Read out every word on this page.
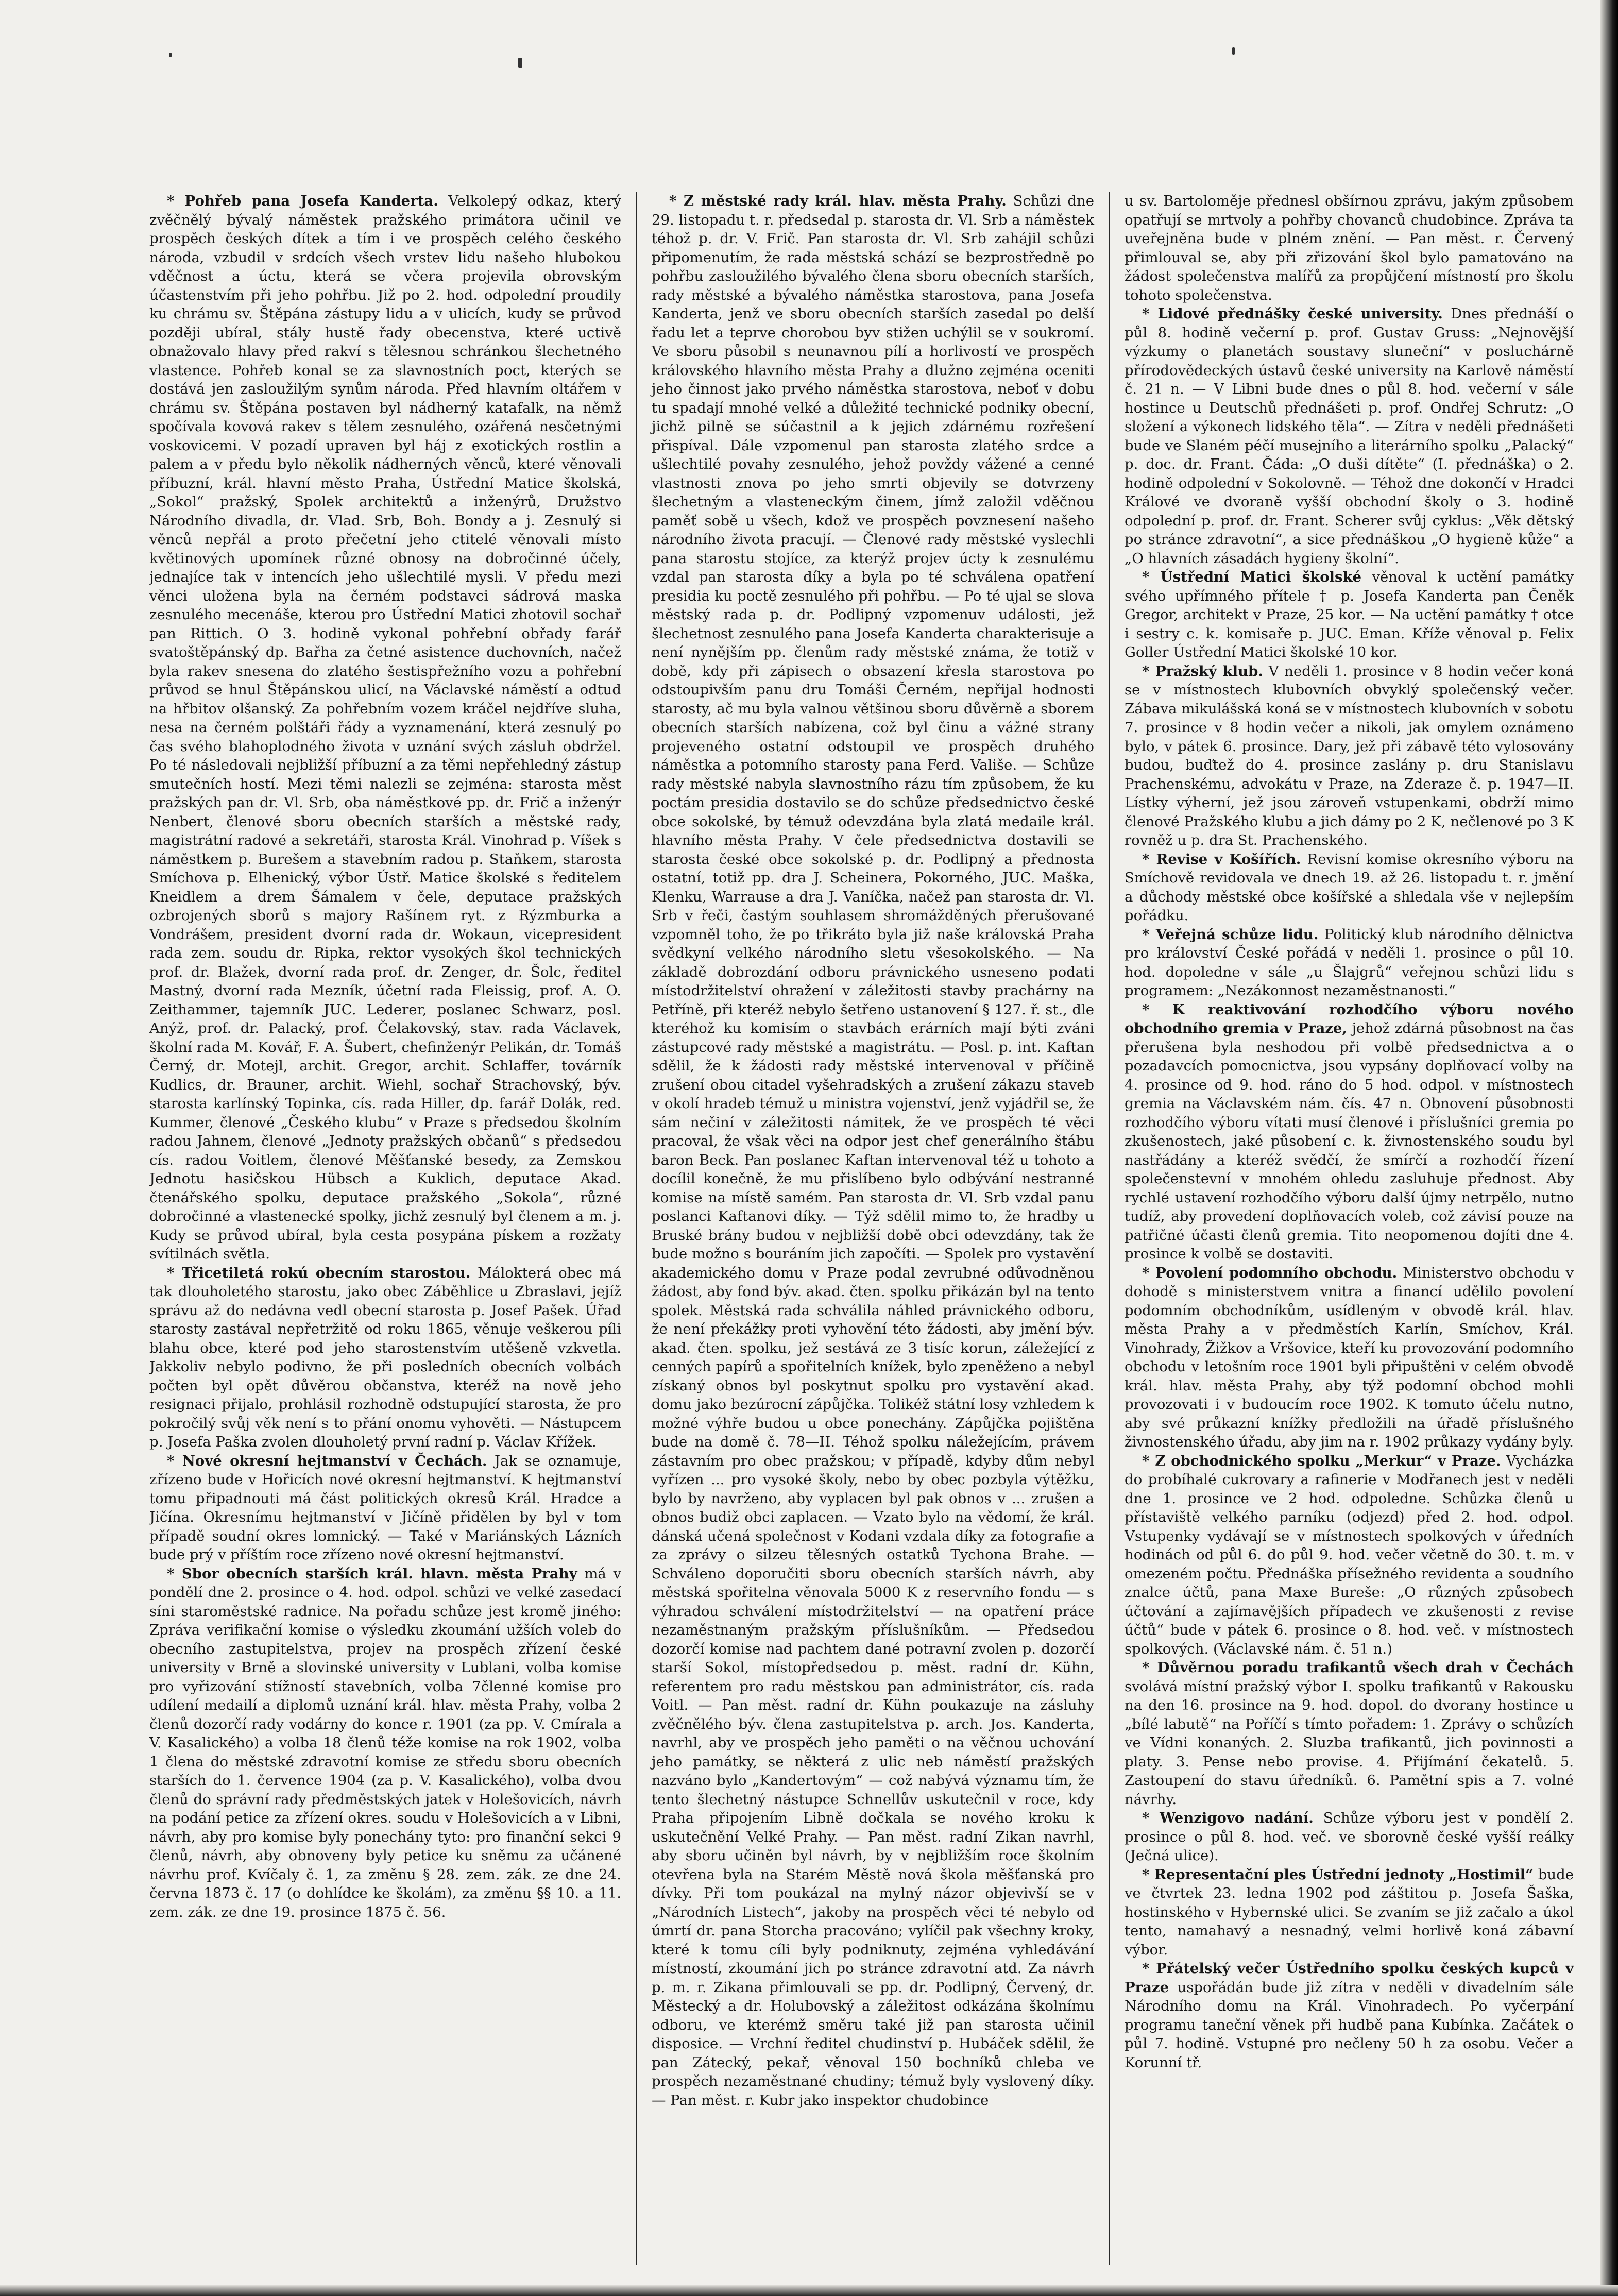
* Pohřeb pana Josefa Kanderta. Velkolepý odkaz, který zvěčnělý bývalý náměstek pražského primátora učinil ve prospěch českých dítek a tím i ve prospěch celého českého národa, vzbudil v srdcích všech vrstev lidu našeho hlubokou vděčnost a úctu, která se včera projevila obrovským účastenstvím při jeho pohřbu. Již po 2. hod. odpolední proudily ku chrámu sv. Štěpána zástupy lidu a v ulicích, kudy se průvod později ubíral, stály hustě řady obecenstva, které uctivě obnažovalo hlavy před rakví s tělesnou schránkou šlechetného vlastence. Pohřeb konal se za slavnostních poct, kterých se dostává jen zasloužilým synům národa. Před hlavním oltářem v chrámu sv. Štěpána postaven byl nádherný katafalk, na němž spočívala kovová rakev s tělem zesnulého, ozářená nesčetnými voskovicemi. V pozadí upraven byl háj z exotických rostlin a palem a v předu bylo několik nádherných věnců, které věnovali příbuzní, král. hlavní město Praha, Ústřední Matice školská, „Sokol“ pražský, Spolek architektů a inženýrů, Družstvo Národního divadla, dr. Vlad. Srb, Boh. Bondy a j. Zesnulý si věnců nepřál a proto přečetní jeho ctitelé věnovali místo květinových upomínek různé obnosy na dobročinné účely, jednajíce tak v intencích jeho ušlechtilé mysli. V předu mezi věnci uložena byla na černém podstavci sádrová maska zesnulého mecenáše, kterou pro Ústřední Matici zhotovil sochař pan Rittich. O 3. hodině vykonal pohřební obřady farář svatoštěpánský dp. Bařha za četné asistence duchovních, načež byla rakev snesena do zlatého šestispřežního vozu a pohřební průvod se hnul Štěpánskou ulicí, na Václavské náměstí a odtud na hřbitov olšanský. Za pohřebním vozem kráčel nejdříve sluha, nesa na černém polštáři řády a vyznamenání, která zesnulý po čas svého blahoplodného života v uznání svých zásluh obdržel. Po té následovali nejbližší příbuzní a za těmi nepřehledný zástup smutečních hostí. Mezi těmi nalezli se zejména: starosta měst pražských pan dr. Vl. Srb, oba náměstkové pp. dr. Frič a inženýr Nenbert, členové sboru obecních starších a městské rady, magistrátní radové a sekretáři, starosta Král. Vinohrad p. Víšek s náměstkem p. Burešem a stavebním radou p. Staňkem, starosta Smíchova p. Elhenický, výbor Ústř. Matice školské s ředitelem Kneidlem a drem Šámalem v čele, deputace pražských ozbrojených sborů s majory Rašínem ryt. z Rýzmburka a Vondrášem, president dvorní rada dr. Wokaun, vicepresident rada zem. soudu dr. Ripka, rektor vysokých škol technických prof. dr. Blažek, dvorní rada prof. dr. Zenger, dr. Šolc, ředitel Mastný, dvorní rada Mezník, účetní rada Fleissig, prof. A. O. Zeithammer, tajemník JUC. Lederer, poslanec Schwarz, posl. Anýž, prof. dr. Palacký, prof. Čelakovský, stav. rada Václavek, školní rada M. Kovář, F. A. Šubert, chefinženýr Pelikán, dr. Tomáš Černý, dr. Motejl, archit. Gregor, archit. Schlaffer, továrník Kudlics, dr. Brauner, archit. Wiehl, sochař Strachovský, býv. starosta karlínský Topinka, cís. rada Hiller, dp. farář Dolák, red. Kummer, členové „Českého klubu“ v Praze s předsedou školním radou Jahnem, členové „Jednoty pražských občanů“ s předsedou cís. radou Voitlem, členové Měšťanské besedy, za Zemskou Jednotu hasičskou Hübsch a Kuklich, deputace Akad. čtenářského spolku, deputace pražského „Sokola“, různé dobročinné a vlastenecké spolky, jichž zesnulý byl členem a m. j. Kudy se průvod ubíral, byla cesta posypána pískem a rozžaty svítilnách světla.

* Třicetiletá rokú obecním starostou. Málokterá obec má tak dlouholetého starostu, jako obec Záběhlice u Zbraslavi, jejíž správu až do nedávna vedl obecní starosta p. Josef Pašek. Úřad starosty zastával nepřetržitě od roku 1865, věnuje veškerou píli blahu obce, které pod jeho starostenstvím utěšeně vzkvetla. Jakkoliv nebylo podivno, že při posledních obecních volbách počten byl opět důvěrou občanstva, kteréž na nově jeho resignaci přijalo, prohlásil rozhodně odstupující starosta, že pro pokročilý svůj věk není s to přání onomu vyhověti. — Nástupcem p. Josefa Paška zvolen dlouholetý první radní p. Václav Křížek.

* Nové okresní hejtmanství v Čechách. Jak se oznamuje, zřízeno bude v Hořicích nové okresní hejtmanství. K hejtmanství tomu připadnouti má část politických okresů Král. Hradce a Jičína. Okresnímu hejtmanství v Jičíně přidělen by byl v tom případě soudní okres lomnický. — Také v Mariánských Lázních bude prý v příštím roce zřízeno nové okresní hejtmanství.

* Sbor obecních starších král. hlavn. města Prahy má v pondělí dne 2. prosince o 4. hod. odpol. schůzi ve velké zasedací síni staroměstské radnice. Na pořadu schůze jest kromě jiného: Zpráva verifikační komise o výsledku zkoumání užších voleb do obecního zastupitelstva, projev na prospěch zřízení české university v Brně a slovinské university v Lublani, volba komise pro vyřizování stížností stavebních, volba 7členné komise pro udílení medailí a diplomů uznání král. hlav. města Prahy, volba 2 členů dozorčí rady vodárny do konce r. 1901 (za pp. V. Cmírala a V. Kasalického) a volba 18 členů téže komise na rok 1902, volba 1 člena do městské zdravotní komise ze středu sboru obecních starších do 1. července 1904 (za p. V. Kasalického), volba dvou členů do správní rady předměstských jatek v Holešovicích, návrh na podání petice za zřízení okres. soudu v Holešovicích a v Libni, návrh, aby pro komise byly ponechány tyto: pro finanční sekci 9 členů, návrh, aby obnoveny byly petice ku sněmu za učánené návrhu prof. Kvíčaly č. 1, za změnu § 28. zem. zák. ze dne 24. června 1873 č. 17 (o dohlídce ke školám), za změnu §§ 10. a 11. zem. zák. ze dne 19. prosince 1875 č. 56.

* Z městské rady král. hlav. města Prahy. Schůzi dne 29. listopadu t. r. předsedal p. starosta dr. Vl. Srb a náměstek téhož p. dr. V. Frič. Pan starosta dr. Vl. Srb zahájil schůzi připomenutím, že rada městská schází se bezprostředně po pohřbu zasloužilého bývalého člena sboru obecních starších, rady městské a bývalého náměstka starostova, pana Josefa Kanderta, jenž ve sboru obecních starších zasedal po delší řadu let a teprve chorobou byv stižen uchýlil se v soukromí. Ve sboru působil s neunavnou pílí a horlivostí ve prospěch královského hlavního města Prahy a dlužno zejména oceniti jeho činnost jako prvého náměstka starostova, neboť v dobu tu spadají mnohé velké a důležité technické podniky obecní, jichž pilně se súčastnil a k jejich zdárnému rozřešení přispíval. Dále vzpomenul pan starosta zlatého srdce a ušlechtilé povahy zesnulého, jehož povždy vážené a cenné vlastnosti znova po jeho smrti objevily se dotvrzeny šlechetným a vlasteneckým činem, jímž založil vděčnou paměť sobě u všech, kdož ve prospěch povznesení našeho národního života pracují. — Členové rady městské vyslechli pana starostu stojíce, za kterýž projev úcty k zesnulému vzdal pan starosta díky a byla po té schválena opatření presidia ku poctě zesnulého při pohřbu. — Po té ujal se slova městský rada p. dr. Podlipný vzpomenuv události, jež šlechetnost zesnulého pana Josefa Kanderta charakterisuje a není nynějším pp. členům rady městské známa, že totiž v době, kdy při zápisech o obsazení křesla starostova po odstoupivším panu dru Tomáši Černém, nepřijal hodnosti starosty, ač mu byla valnou většinou sboru důvěrně a sborem obecních starších nabízena, což byl činu a vážné strany projeveného ostatní odstoupil ve prospěch druhého náměstka a potomního starosty pana Ferd. Vališe. — Schůze rady městské nabyla slavnostního rázu tím způsobem, že ku poctám presidia dostavilo se do schůze předsednictvo české obce sokolské, by témuž odevzdána byla zlatá medaile král. hlavního města Prahy. V čele předsednictva dostavili se starosta české obce sokolské p. dr. Podlipný a přednosta ostatní, totiž pp. dra J. Scheinera, Pokorného, JUC. Maška, Klenku, Warrause a dra J. Vaníčka, načež pan starosta dr. Vl. Srb v řeči, častým souhlasem shromážděných přerušované vzpomněl toho, že po třikráto byla již naše královská Praha svědkyní velkého národního sletu všesokolského. — Na základě dobrozdání odboru právnického usneseno podati místodržitelství ohražení v záležitosti stavby prachárny na Petříně, při kteréž nebylo šetřeno ustanovení § 127. ř. st., dle kteréhož ku komisím o stavbách erárních mají býti zváni zástupcové rady městské a magistrátu. — Posl. p. int. Kaftan sdělil, že k žádosti rady městské intervenoval v příčině zrušení obou citadel vyšehradských a zrušení zákazu staveb v okolí hradeb témuž u ministra vojenství, jenž vyjádřil se, že sám nečiní v záležitosti námitek, že ve prospěch té věci pracoval, že však věci na odpor jest chef generálního štábu baron Beck. Pan poslanec Kaftan intervenoval též u tohoto a docílil konečně, že mu přislíbeno bylo odbývání nestranné komise na místě samém. Pan starosta dr. Vl. Srb vzdal panu poslanci Kaftanovi díky. — Týž sdělil mimo to, že hradby u Bruské brány budou v nejbližší době obci odevzdány, tak že bude možno s bouráním jich započíti. — Spolek pro vystavění akademického domu v Praze podal zevrubné odůvodněnou žádost, aby fond býv. akad. čten. spolku přikázán byl na tento spolek. Městská rada schválila náhled právnického odboru, že není překážky proti vyhovění této žádosti, aby jmění býv. akad. čten. spolku, jež sestává ze 3 tisíc korun, záležející z cenných papírů a spořitelních knížek, bylo zpeněženo a nebyl získaný obnos byl poskytnut spolku pro vystavění akad. domu jako bezúrocní zápůjčka. Tolikéž státní losy vzhledem k možné výhře budou u obce ponechány. Zápůjčka pojištěna bude na domě č. 78—II. Téhož spolku náležejícím, právem zástavním pro obec pražskou; v případě, kdyby dům nebyl vyřízen ... pro vysoké školy, nebo by obec pozbyla výtěžku, bylo by navrženo, aby vyplacen byl pak obnos v ... zrušen a obnos budiž obci zaplacen. — Vzato bylo na vědomí, že král. dánská učená společnost v Kodani vzdala díky za fotografie a za zprávy o silzeu tělesných ostatků Tychona Brahe. — Schváleno doporučiti sboru obecních starších návrh, aby městská spořitelna věnovala 5000 K z reservního fondu — s výhradou schválení místodržitelství — na opatření práce nezaměstnaným pražským příslušníkům. — Předsedou dozorčí komise nad pachtem dané potravní zvolen p. dozorčí starší Sokol, místopředsedou p. měst. radní dr. Kühn, referentem pro radu městskou pan administrátor, cís. rada Voitl. — Pan měst. radní dr. Kühn poukazuje na zásluhy zvěčnělého býv. člena zastupitelstva p. arch. Jos. Kanderta, navrhl, aby ve prospěch jeho paměti o na věčnou uchování jeho památky, se některá z ulic neb náměstí pražských nazváno bylo „Kandertovým“ — což nabývá významu tím, že tento šlechetný nástupce Schnellův uskutečnil v roce, kdy Praha připojením Libně dočkala se nového kroku k uskutečnění Velké Prahy. — Pan měst. radní Zikan navrhl, aby sboru učiněn byl návrh, by v nejbližším roce školním otevřena byla na Starém Městě nová škola měšťanská pro dívky. Při tom poukázal na mylný názor objevivší se v „Národních Listech“, jakoby na prospěch věci té nebylo od úmrtí dr. pana Storcha pracováno; vylíčil pak všechny kroky, které k tomu cíli byly podniknuty, zejména vyhledávání místností, zkoumání jich po stránce zdravotní atd. Za návrh p. m. r. Zikana přimlouvali se pp. dr. Podlipný, Červený, dr. Městecký a dr. Holubovský a záležitost odkázána školnímu odboru, ve kterémž směru také již pan starosta učinil disposice. — Vrchní ředitel chudinství p. Hubáček sdělil, že pan Zátecký, pekař, věnoval 150 bochníků chleba ve prospěch nezaměstnané chudiny; témuž byly vyslovený díky. — Pan měst. r. Kubr jako inspektor chudobince

u sv. Bartoloměje přednesl obšírnou zprávu, jakým způsobem opatřují se mrtvoly a pohřby chovanců chudobince. Zpráva ta uveřejněna bude v plném znění. — Pan měst. r. Červený přimlouval se, aby při zřizování škol bylo pamatováno na žádost společenstva malířů za propůjčení místností pro školu tohoto společenstva.

* Lidové přednášky české university. Dnes přednáší o půl 8. hodině večerní p. prof. Gustav Gruss: „Nejnovější výzkumy o planetách soustavy sluneční“ v posluchárně přírodovědeckých ústavů české university na Karlově náměstí č. 21 n. — V Libni bude dnes o půl 8. hod. večerní v sále hostince u Deutschů přednášeti p. prof. Ondřej Schrutz: „O složení a výkonech lidského těla“. — Zítra v neděli přednášeti bude ve Slaném péčí musejního a literárního spolku „Palacký“ p. doc. dr. Frant. Čáda: „O duši dítěte“ (I. přednáška) o 2. hodině odpolední v Sokolovně. — Téhož dne dokončí v Hradci Králové ve dvoraně vyšší obchodní školy o 3. hodině odpolední p. prof. dr. Frant. Scherer svůj cyklus: „Věk dětský po stránce zdravotní“, a sice přednáškou „O hygieně kůže“ a „O hlavních zásadách hygieny školní“.

* Ústřední Matici školské věnoval k uctění památky svého upřímného přítele † p. Josefa Kanderta pan Čeněk Gregor, architekt v Praze, 25 kor. — Na uctění památky † otce i sestry c. k. komisaře p. JUC. Eman. Kříže věnoval p. Felix Goller Ústřední Matici školské 10 kor.

* Pražský klub. V neděli 1. prosince v 8 hodin večer koná se v místnostech klubovních obvyklý společenský večer. Zábava mikulášská koná se v místnostech klubovních v sobotu 7. prosince v 8 hodin večer a nikoli, jak omylem oznámeno bylo, v pátek 6. prosince. Dary, jež při zábavě této vylosovány budou, buďtež do 4. prosince zaslány p. dru Stanislavu Prachenskému, advokátu v Praze, na Zderaze č. p. 1947—II. Lístky výherní, jež jsou zároveň vstupenkami, obdrží mimo členové Pražského klubu a jich dámy po 2 K, nečlenové po 3 K rovněž u p. dra St. Prachenského.

* Revise v Košířích. Revisní komise okresního výboru na Smíchově revidovala ve dnech 19. až 26. listopadu t. r. jmění a důchody městské obce košířské a shledala vše v nejlepším pořádku.

* Veřejná schůze lidu. Politický klub národního dělnictva pro království České pořádá v neděli 1. prosince o půl 10. hod. dopoledne v sále „u Šlajgrů“ veřejnou schůzi lidu s programem: „Nezákonnost nezaměstnanosti.“

* K reaktivování rozhodčího výboru nového obchodního gremia v Praze, jehož zdárná působnost na čas přerušena byla neshodou při volbě předsednictva a o pozadavcích pomocnictva, jsou vypsány doplňovací volby na 4. prosince od 9. hod. ráno do 5 hod. odpol. v místnostech gremia na Václavském nám. čís. 47 n. Obnovení působnosti rozhodčího výboru vítati musí členové i příslušníci gremia po zkušenostech, jaké působení c. k. živnostenského soudu byl nastřádány a kteréž svědčí, že smírčí a rozhodčí řízení společenstevní v mnohém ohledu zasluhuje přednost. Aby rychlé ustavení rozhodčího výboru další újmy netrpělo, nutno tudíž, aby provedení doplňovacích voleb, což závisí pouze na patřičné účasti členů gremia. Tito neopomenou dojíti dne 4. prosince k volbě se dostaviti.

* Povolení podomního obchodu. Ministerstvo obchodu v dohodě s ministerstvem vnitra a financí udělilo povolení podomním obchodníkům, usídleným v obvodě král. hlav. města Prahy a v předměstích Karlín, Smíchov, Král. Vinohrady, Žižkov a Vršovice, kteří ku provozování podomního obchodu v letošním roce 1901 byli připuštěni v celém obvodě král. hlav. města Prahy, aby týž podomní obchod mohli provozovati i v budoucím roce 1902. K tomuto účelu nutno, aby své průkazní knížky předložili na úřadě příslušného živnostenského úřadu, aby jim na r. 1902 průkazy vydány byly.

* Z obchodnického spolku „Merkur“ v Praze. Vycházka do probíhalé cukrovary a rafinerie v Modřanech jest v neděli dne 1. prosince ve 2 hod. odpoledne. Schůzka členů u přístaviště velkého parníku (odjezd) před 2. hod. odpol. Vstupenky vydávají se v místnostech spolkových v úředních hodinách od půl 6. do půl 9. hod. večer včetně do 30. t. m. v omezeném počtu. Přednáška přísežného revidenta a soudního znalce účtů, pana Maxe Bureše: „O různých způsobech účtování a zajímavějších případech ve zkušenosti z revise účtů“ bude v pátek 6. prosince o 8. hod. več. v místnostech spolkových. (Václavské nám. č. 51 n.)

* Důvěrnou poradu trafikantů všech drah v Čechách svolává místní pražský výbor I. spolku trafikantů v Rakousku na den 16. prosince na 9. hod. dopol. do dvorany hostince u „bílé labutě“ na Poříčí s tímto pořadem: 1. Zprávy o schůzích ve Vídni konaných. 2. Sluzba trafikantů, jich povinnosti a platy. 3. Pense nebo provise. 4. Přijímání čekatelů. 5. Zastoupení do stavu úředníků. 6. Pamětní spis a 7. volné návrhy.

* Wenzigovo nadání. Schůze výboru jest v pondělí 2. prosince o půl 8. hod. več. ve sborovně české vyšší reálky (Ječná ulice).

* Representační ples Ústřední jednoty „Hostimil“ bude ve čtvrtek 23. ledna 1902 pod záštitou p. Josefa Šaška, hostinského v Hybernské ulici. Se zvaním se již začalo a úkol tento, namahavý a nesnadný, velmi horlivě koná zábavní výbor.

* Přátelský večer Ústředního spolku českých kupců v Praze uspořádán bude již zítra v neděli v divadelním sále Národního domu na Král. Vinohradech. Po vyčerpání programu taneční věnek při hudbě pana Kubínka. Začátek o půl 7. hodině. Vstupné pro nečleny 50 h za osobu. Večer a Korunní tř.
